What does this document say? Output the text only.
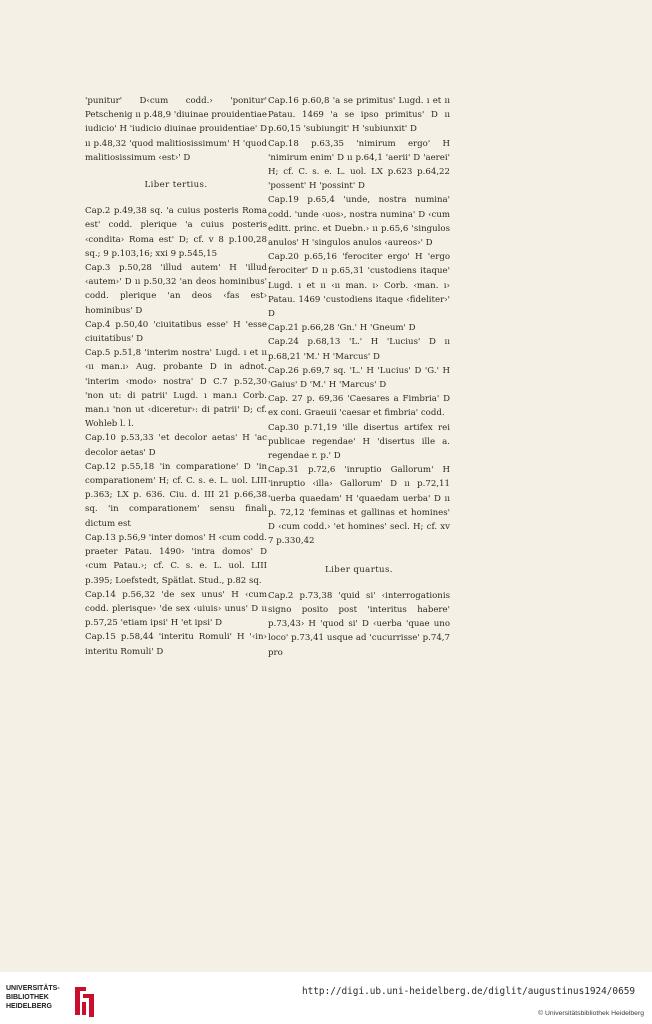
'punitur' D‹cum codd.› 'ponitur' Petschenig ıı p.48,9 'diuinae prouidentiae iudicio' H 'iudicio diuinae prouidentiae' D ıı p.48,32 'quod malitiosissimum' H 'quod malitiosissimum ‹est›' D

Liber tertius.

Cap.2 p.49,38 sq. 'a cuius posteris Roma est' codd. plerique 'a cuius posteris ‹condita› Roma est' D; cf. v 8 p.100,28 sq.; 9 p.103,16; xxi 9 p.545,15

Cap.3 p.50,28 'illud autem' H 'illud ‹autem›' D ıı p.50,32 'an deos hominibus' codd. plerique 'an deos ‹fas est› hominibus' D

Cap.4 p.50,40 'ciuitatibus esse' H 'esse ciuitatibus' D

Cap.5 p.51,8 'interim nostra' Lugd. ı et ıı ‹ıı man.ı› Aug. probante D in adnot. 'interim ‹modo› nostra' D C.7 p.52,30 'non ut: di patrii' Lugd. ı man.ı Corb. man.ı 'non ut ‹diceretur›: di patrii' D; cf. Wohleb l. l.

Cap.10 p.53,33 'et decolor aetas' H 'ac decolor aetas' D

Cap.12 p.55,18 'in comparatione' D 'in comparationem' H; cf. C. s. e. L. uol. LIII p.363; LX p. 636. Ciu. d. III 21 p.66,38 sq. 'in comparationem' sensu finali dictum est

Cap.13 p.56,9 'inter domos' H ‹cum codd. praeter Patau. 1490› 'intra domos' D ‹cum Patau.›; cf. C. s. e. L. uol. LIII p.395; Loefstedt, Spätlat. Stud., p.82 sq.

Cap.14 p.56,32 'de sex unus' H ‹cum codd. plerisque› 'de sex ‹uiuis› unus' D ıı p.57,25 'etiam ipsi' H 'et ipsi' D

Cap.15 p.58,44 'interitu Romuli' H '‹in› interitu Romuli' D

Cap.16 p.60,8 'a se primitus' Lugd. ı et ıı Patau. 1469 'a se ipso primitus' D ıı p.60,15 'subiungit' H 'subiunxit' D

Cap.18 p.63,35 'nimirum ergo' H 'nimirum enim' D ıı p.64,1 'aerii' D 'aerei' H; cf. C. s. e. L. uol. LX p.623 p.64,22 'possent' H 'possint' D

Cap.19 p.65,4 'unde, nostra numina' codd. 'unde ‹uos›, nostra numina' D ‹cum editt. princ. et Duebn.› ıı p.65,6 'singulos anulos' H 'singulos anulos ‹aureos›' D

Cap.20 p.65,16 'ferociter ergo' H 'ergo ferociter' D ıı p.65,31 'custodiens itaque' Lugd. ı et ıı ‹ıı man. ı› Corb. ‹man. ı› Patau. 1469 'custodiens itaque ‹fideliter›' D

Cap.21 p.66,28 'Gn.' H 'Gneum' D

Cap.24 p.68,13 'L.' H 'Lucius' D ıı p.68,21 'M.' H 'Marcus' D

Cap.26 p.69,7 sq. 'L.' H 'Lucius' D 'G.' H 'Gaius' D 'M.' H 'Marcus' D

Cap. 27 p. 69,36 'Caesares a Fimbria' D ex coni. Graeuii 'caesar et fimbria' codd.

Cap.30 p.71,19 'ille disertus artifex rei publicae regendae' H 'disertus ille a. regendae r. p.' D

Cap.31 p.72,6 'inruptio Gallorum' H 'inruptio ‹illa› Gallorum' D ıı p.72,11 'uerba quaedam' H 'quaedam uerba' D ıı p. 72,12 'feminas et gallinas et homines' D ‹cum codd.› 'et homines' secl. H; cf. xv 7 p.330,42

Liber quartus.

Cap.2 p.73,38 'quid si' ‹interrogationis signo posito post 'interitus habere' p.73,43› H 'quod si' D ‹uerba 'quae uno loco' p.73,41 usque ad 'cucurrisse' p.74,7 pro

UNIVERSITÄTS-
BIBLIOTHEK
HEIDELBERG
http://digi.ub.uni-heidelberg.de/diglit/augustinus1924/0659
© Universitätsbibliothek Heidelberg
